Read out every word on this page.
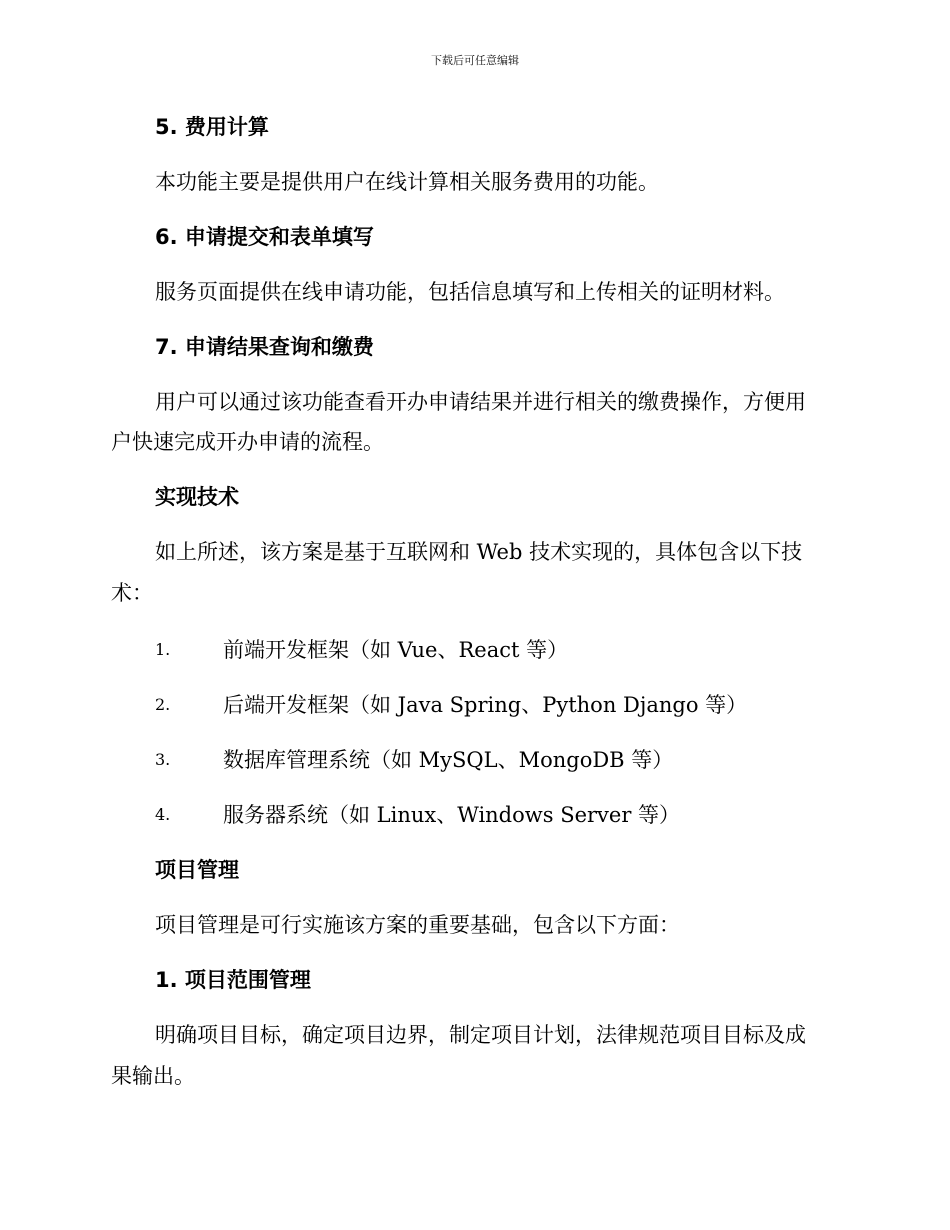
下载后可任意编辑
5. 费用计算
本功能主要是提供用户在线计算相关服务费用的功能。
6. 申请提交和表单填写
服务页面提供在线申请功能，包括信息填写和上传相关的证明材料。
7. 申请结果查询和缴费
用户可以通过该功能查看开办申请结果并进行相关的缴费操作，方便用
户快速完成开办申请的流程。
实现技术
如上所述，该方案是基于互联网和 Web 技术实现的，具体包含以下技
术：
1.	前端开发框架（如 Vue、React 等）
2.	后端开发框架（如 Java Spring、Python Django 等）
3.	数据库管理系统（如 MySQL、MongoDB 等）
4.	服务器系统（如 Linux、Windows Server 等）
项目管理
项目管理是可行实施该方案的重要基础，包含以下方面：
1. 项目范围管理
明确项目目标，确定项目边界，制定项目计划，法律规范项目目标及成
果输出。
